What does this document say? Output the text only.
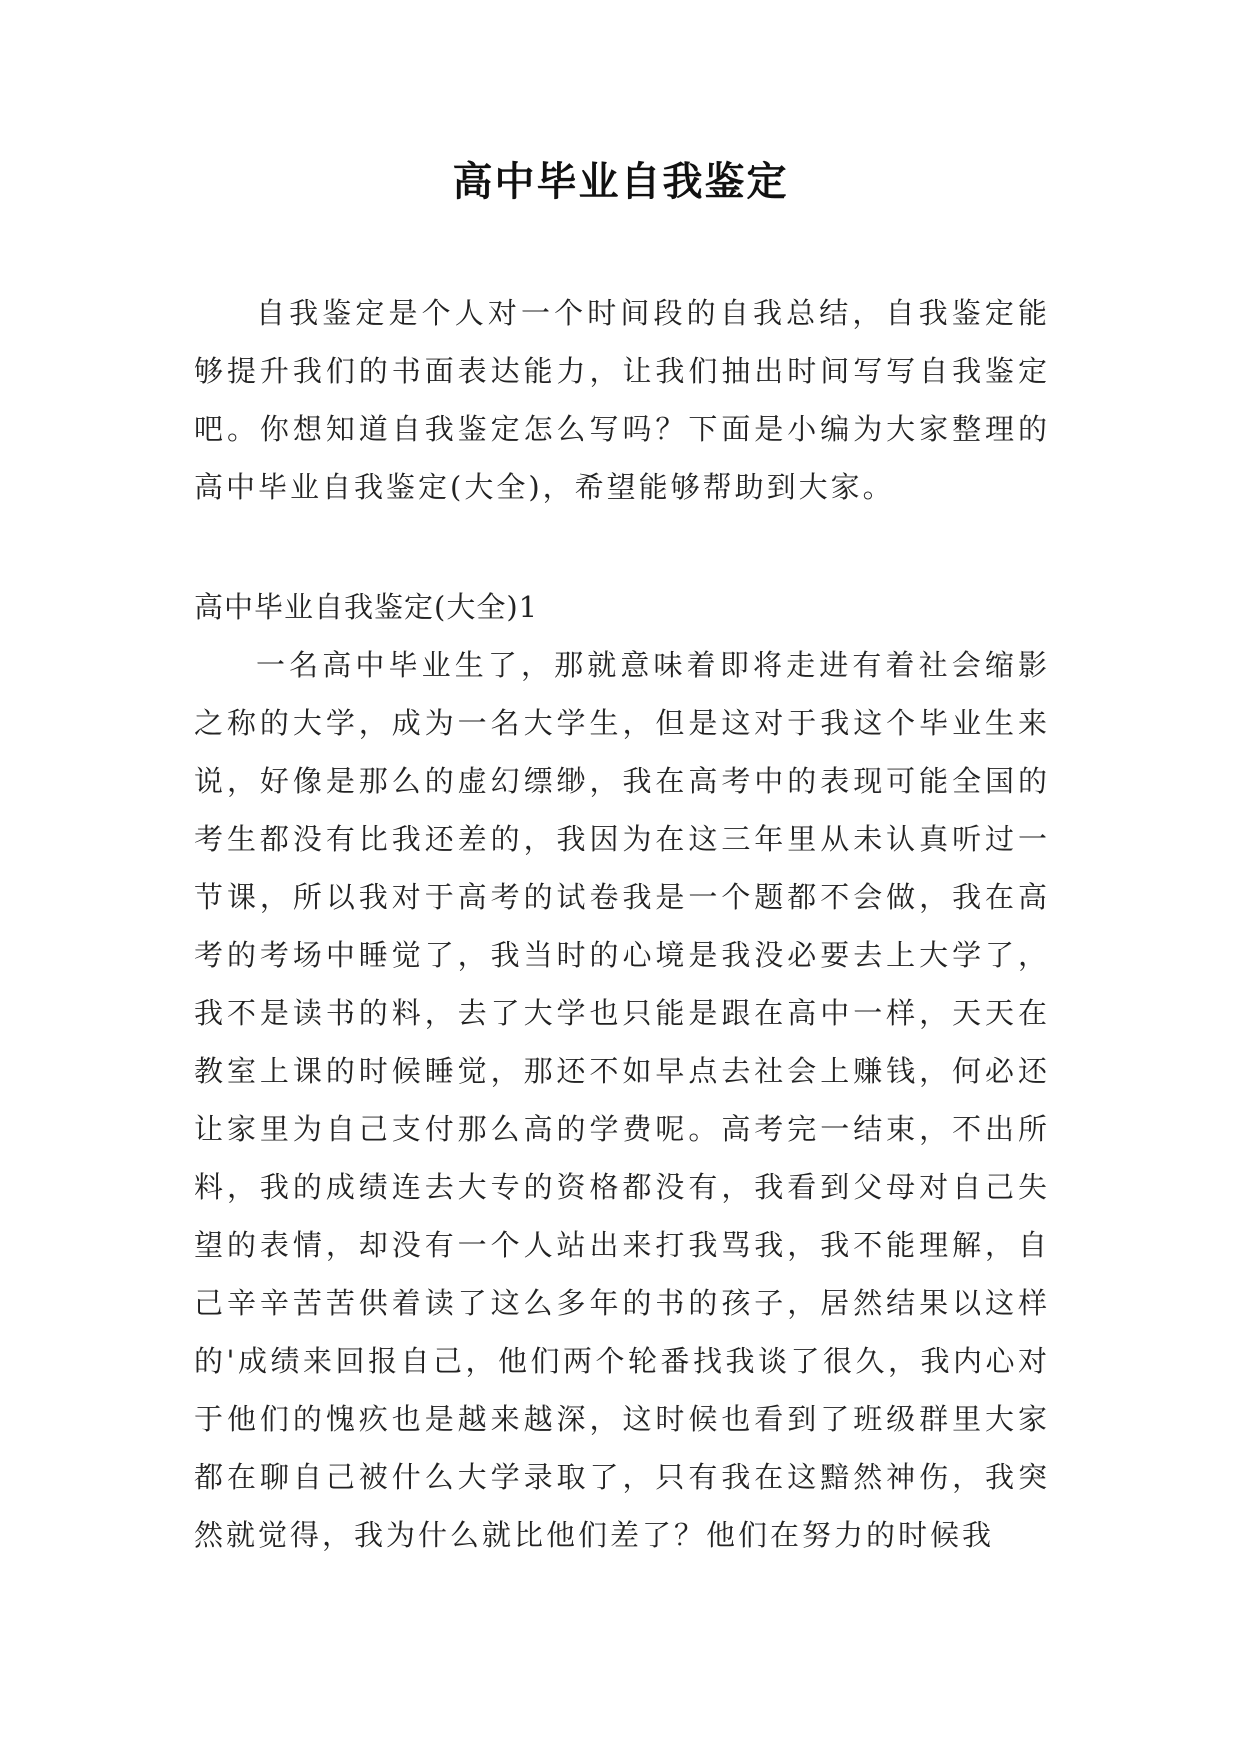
高中毕业自我鉴定

自我鉴定是个人对一个时间段的自我总结，自我鉴定能够提升我们的书面表达能力，让我们抽出时间写写自我鉴定吧。你想知道自我鉴定怎么写吗？下面是小编为大家整理的高中毕业自我鉴定(大全)，希望能够帮助到大家。

高中毕业自我鉴定(大全)1

一名高中毕业生了，那就意味着即将走进有着社会缩影之称的大学，成为一名大学生，但是这对于我这个毕业生来说，好像是那么的虚幻缥缈，我在高考中的表现可能全国的考生都没有比我还差的，我因为在这三年里从未认真听过一节课，所以我对于高考的试卷我是一个题都不会做，我在高考的考场中睡觉了，我当时的心境是我没必要去上大学了，我不是读书的料，去了大学也只能是跟在高中一样，天天在教室上课的时候睡觉，那还不如早点去社会上赚钱，何必还让家里为自己支付那么高的学费呢。高考完一结束，不出所料，我的成绩连去大专的资格都没有，我看到父母对自己失望的表情，却没有一个人站出来打我骂我，我不能理解，自己辛辛苦苦供着读了这么多年的书的孩子，居然结果以这样的'成绩来回报自己，他们两个轮番找我谈了很久，我内心对于他们的愧疚也是越来越深，这时候也看到了班级群里大家都在聊自己被什么大学录取了，只有我在这黯然神伤，我突然就觉得，我为什么就比他们差了？他们在努力的时候我
